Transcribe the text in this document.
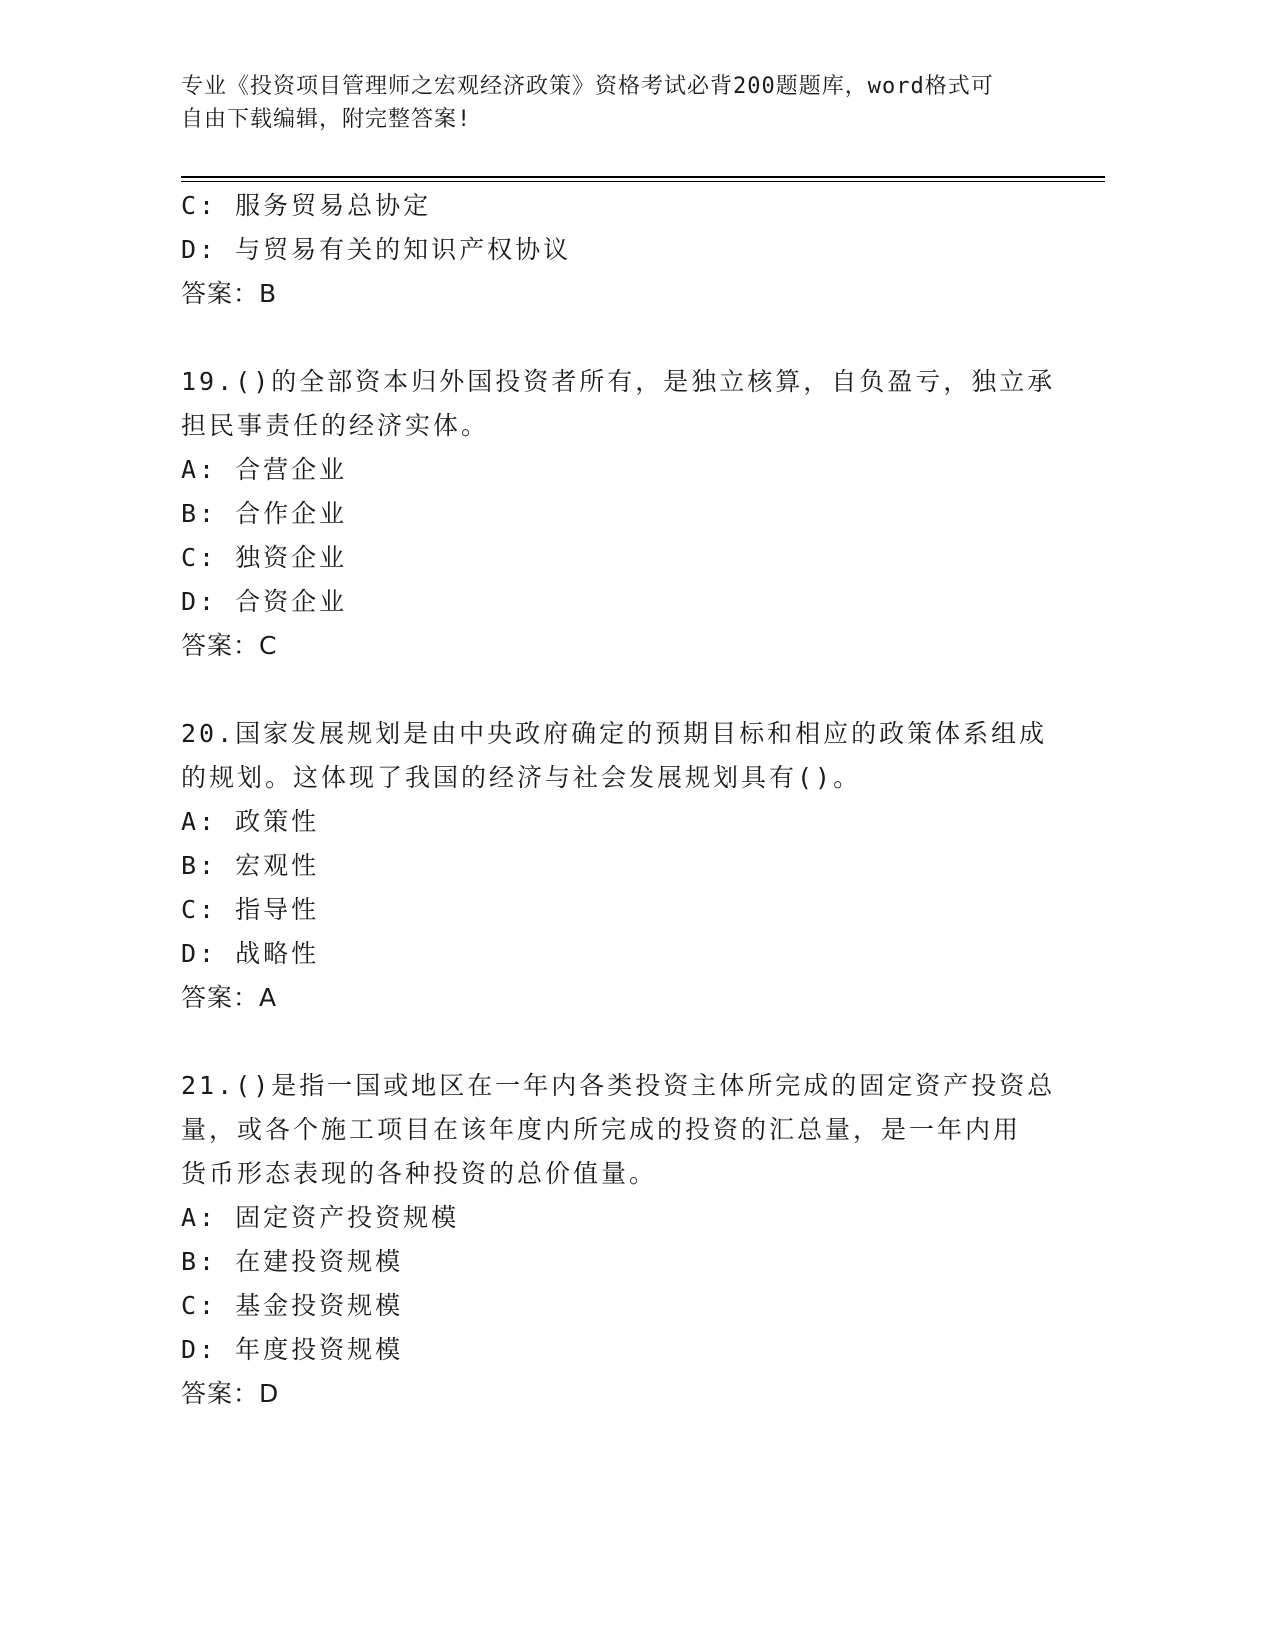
专业《投资项目管理师之宏观经济政策》资格考试必背200题题库，word格式可
自由下载编辑，附完整答案!
C: 服务贸易总协定
D: 与贸易有关的知识产权协议
答案：B
19.()的全部资本归外国投资者所有，是独立核算，自负盈亏，独立承
担民事责任的经济实体。
A: 合营企业
B: 合作企业
C: 独资企业
D: 合资企业
答案：C
20.国家发展规划是由中央政府确定的预期目标和相应的政策体系组成
的规划。这体现了我国的经济与社会发展规划具有()。
A: 政策性
B: 宏观性
C: 指导性
D: 战略性
答案：A
21.()是指一国或地区在一年内各类投资主体所完成的固定资产投资总
量，或各个施工项目在该年度内所完成的投资的汇总量，是一年内用
货币形态表现的各种投资的总价值量。
A: 固定资产投资规模
B: 在建投资规模
C: 基金投资规模
D: 年度投资规模
答案：D
